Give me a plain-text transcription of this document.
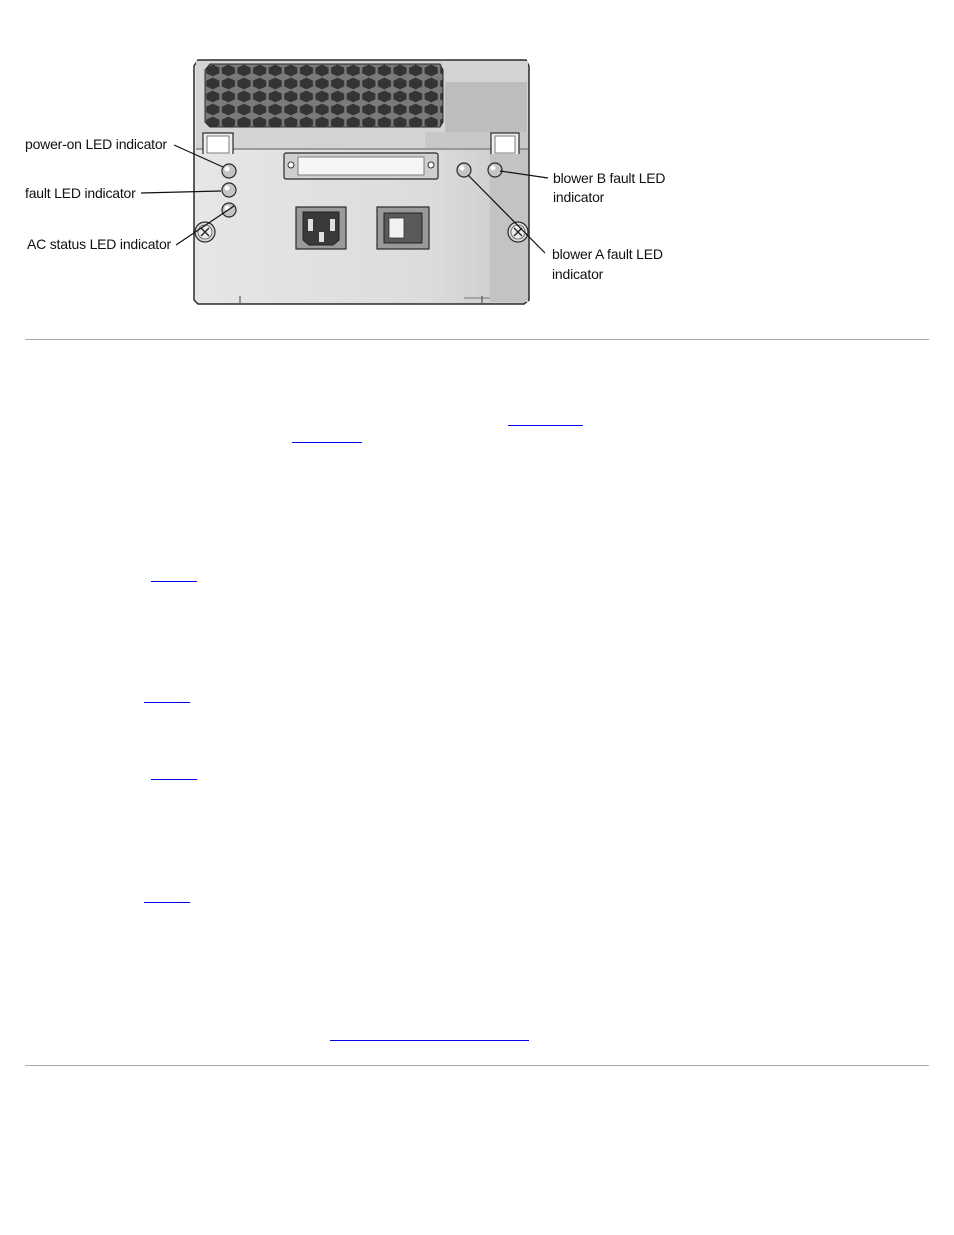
power-on LED indicator
fault LED indicator
AC status LED indicator
blower B fault LED
indicator
blower A fault LED
indicator
